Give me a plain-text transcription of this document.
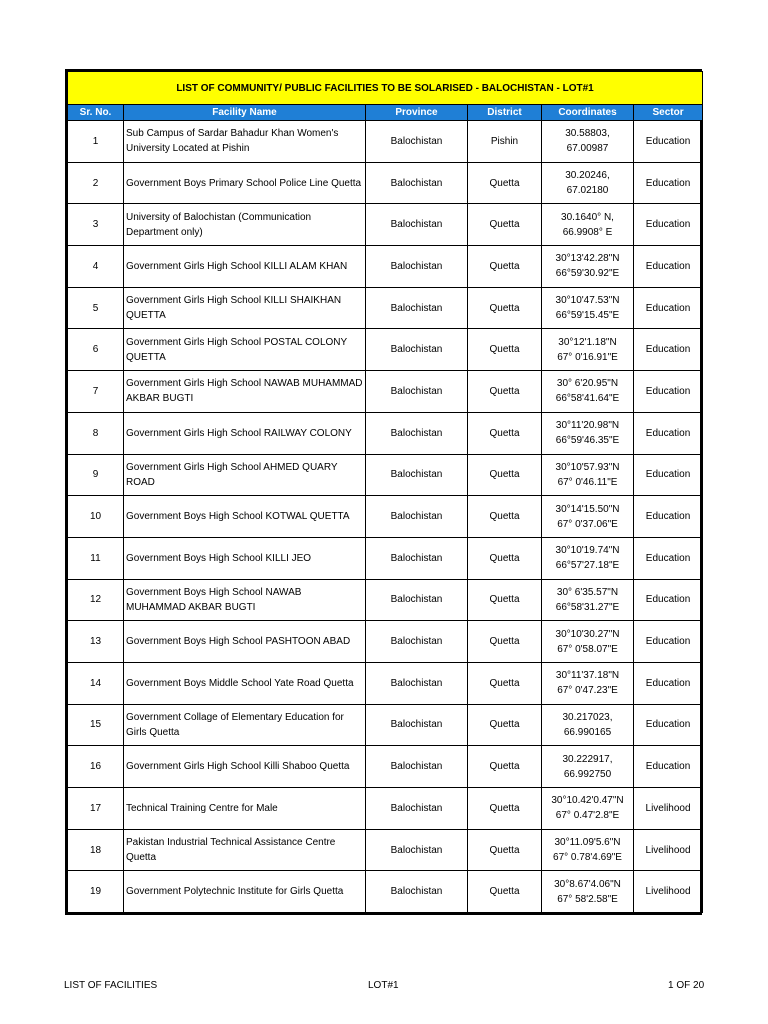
LIST OF COMMUNITY/ PUBLIC FACILITIES TO BE SOLARISED - BALOCHISTAN - LOT#1					
Sr. No.	Facility Name	Province	District	Coordinates	Sector
1	Sub Campus of Sardar Bahadur Khan Women's University Located at Pishin	Balochistan	Pishin	30.58803,
67.00987	Education
2	Government Boys Primary School Police Line Quetta	Balochistan	Quetta	30.20246,
67.02180	Education
3	University of Balochistan (Communication Department only)	Balochistan	Quetta	30.1640° N,
66.9908° E	Education
4	Government Girls High School KILLI ALAM KHAN	Balochistan	Quetta	30°13'42.28"N
66°59'30.92"E	Education
5	Government Girls High School KILLI SHAIKHAN QUETTA	Balochistan	Quetta	30°10'47.53"N
66°59'15.45"E	Education
6	Government Girls High School POSTAL COLONY QUETTA	Balochistan	Quetta	30°12'1.18"N
67° 0'16.91"E	Education
7	Government Girls High School NAWAB MUHAMMAD AKBAR BUGTI	Balochistan	Quetta	30° 6'20.95"N
66°58'41.64"E	Education
8	Government Girls High School RAILWAY COLONY	Balochistan	Quetta	30°11'20.98"N
66°59'46.35"E	Education
9	Government Girls High School AHMED QUARY ROAD	Balochistan	Quetta	30°10'57.93"N
67° 0'46.11"E	Education
10	Government Boys High School KOTWAL QUETTA	Balochistan	Quetta	30°14'15.50"N
67° 0'37.06"E	Education
11	Government Boys High School KILLI JEO	Balochistan	Quetta	30°10'19.74"N
66°57'27.18"E	Education
12	Government Boys High School NAWAB MUHAMMAD AKBAR BUGTI	Balochistan	Quetta	30° 6'35.57"N
66°58'31.27"E	Education
13	Government Boys High School PASHTOON ABAD	Balochistan	Quetta	30°10'30.27"N
67° 0'58.07"E	Education
14	Government Boys Middle School Yate Road Quetta	Balochistan	Quetta	30°11'37.18"N
67° 0'47.23"E	Education
15	Government Collage of Elementary Education for Girls Quetta	Balochistan	Quetta	30.217023,
66.990165	Education
16	Government Girls High School Killi Shaboo Quetta	Balochistan	Quetta	30.222917,
66.992750	Education
17	Technical Training Centre for Male	Balochistan	Quetta	30°10.42'0.47"N
67° 0.47'2.8"E	Livelihood
18	Pakistan Industrial Technical Assistance Centre Quetta	Balochistan	Quetta	30°11.09'5.6"N
67° 0.78'4.69"E	Livelihood
19	Government Polytechnic Institute for Girls Quetta	Balochistan	Quetta	30°8.67'4.06"N
67° 58'2.58"E	Livelihood
LIST OF FACILITIES	LOT#1	1 OF 20
